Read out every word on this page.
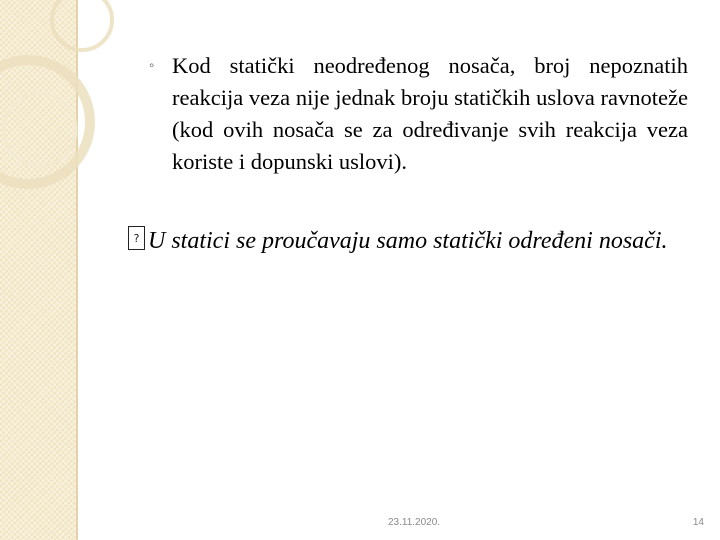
◦ Kod statički neodređenog nosača, broj nepoznatih reakcija veza nije jednak broju statičkih uslova ravnoteže (kod ovih nosača se za određivanje svih reakcija veza koriste i dopunski uslovi).
? U statici se proučavaju samo statički određeni nosači.
23.11.2020.	14
